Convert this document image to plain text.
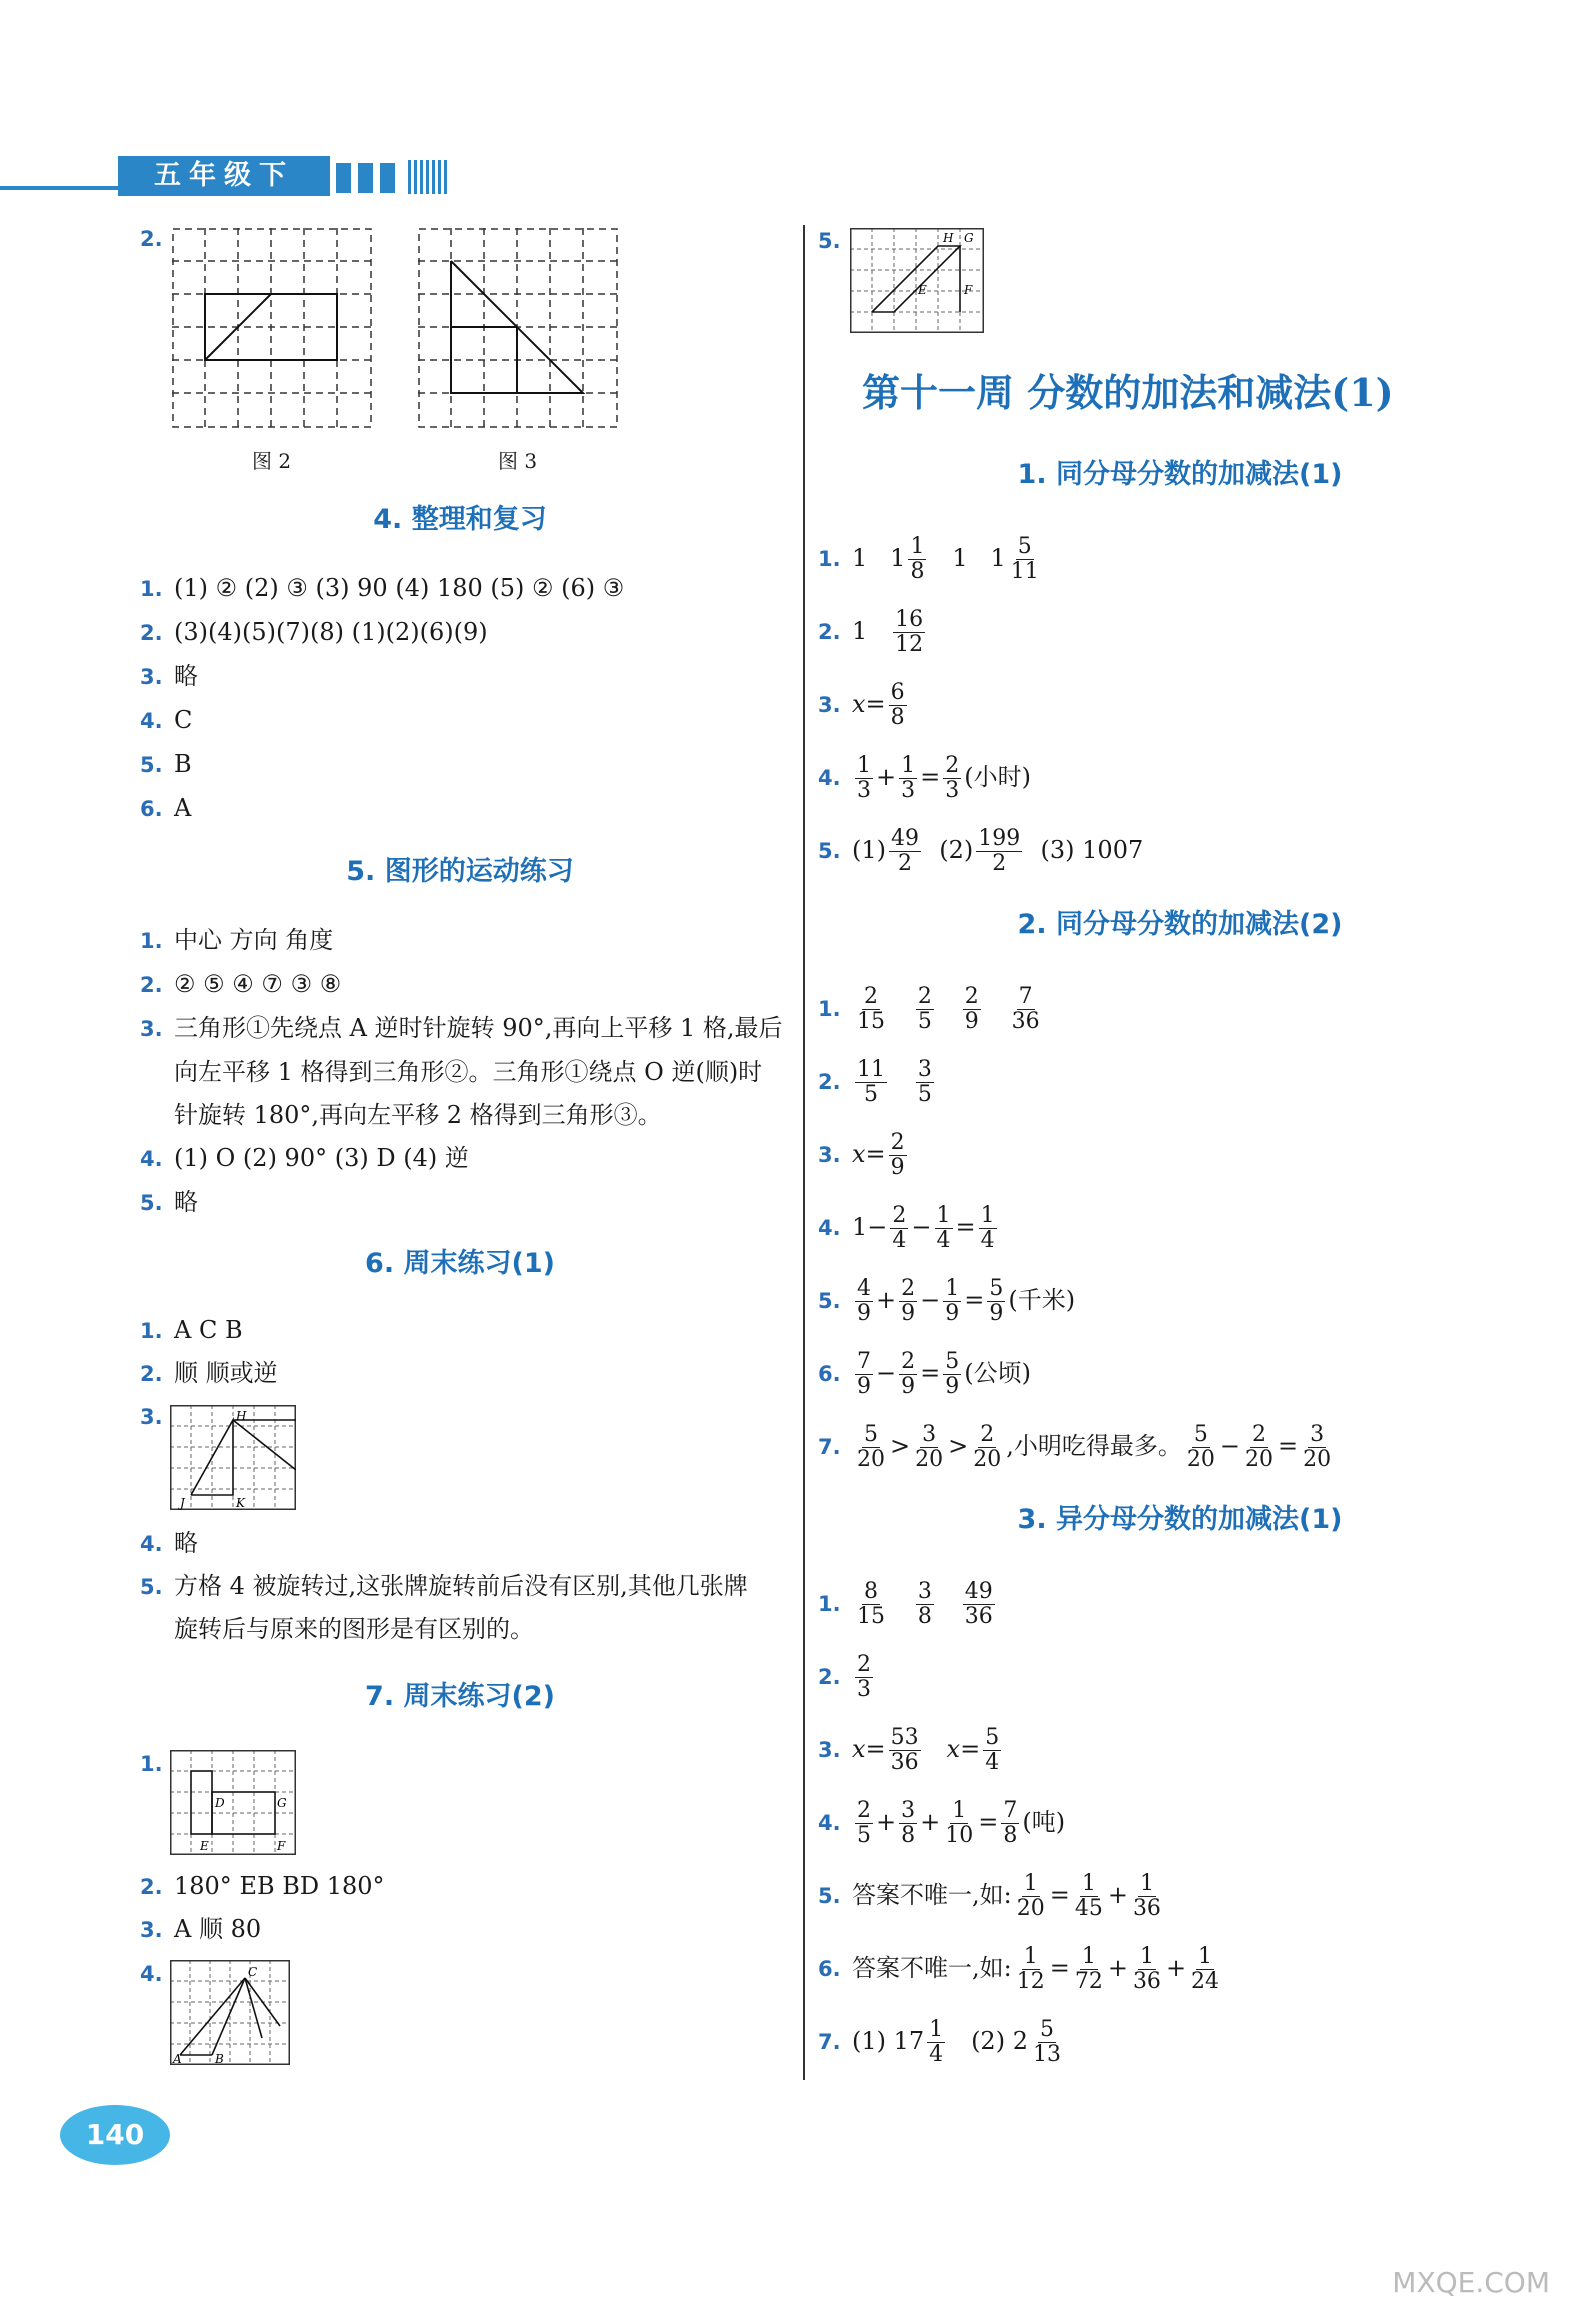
五年级下
2.
图 2	图 3
4. 整理和复习
1. (1) ② (2) ③ (3) 90 (4) 180 (5) ② (6) ③
2. (3)(4)(5)(7)(8) (1)(2)(6)(9)
3. 略
4. C
5. B
6. A
5. 图形的运动练习
1. 中心 方向 角度
2. ② ⑤ ④ ⑦ ③ ⑧
3. 三角形①先绕点 A 逆时针旋转 90°,再向上平移 1 格,最后
向左平移 1 格得到三角形②。三角形①绕点 O 逆(顺)时
针旋转 180°,再向左平移 2 格得到三角形③。
4. (1) O (2) 90° (3) D (4) 逆
5. 略
6. 周末练习(1)
1. A C B
2. 顺 顺或逆
3.	H
J	K
4. 略
5. 方格 4 被旋转过,这张牌旋转前后没有区别,其他几张牌
旋转后与原来的图形是有区别的。
7. 周末练习(2)
1.
D	G
E	F
2. 180° EB BD 180°
3. A 顺 80
4.	C
A	B
140
5.	H G
E	F
第十一周 分数的加法和减法(1)
1. 同分母分数的加减法(1)
1. 1 $1 \frac{1}{8} 1$ $1 \frac{5}{11}$
2. $1 \frac{16}{12}$
3. $x= \frac{6}{8}$
4. $\frac{1}{3} + \frac{1}{3} = \frac{2}{3}$ (小时)
5. $(1) \frac{49}{2} (2) \frac{199}{2} (3)$ 1007
2. 同分母分数的加减法(2)
1. $\frac{2}{15}$
$\frac{2}{5}$
$\frac{2}{9}$
$\frac{7}{36}$
2. $\frac{11}{5}$
$\frac{3}{5}$
3. $x= \frac{2}{9}$
4. $1- \frac{2}{4} - \frac{1}{4} = \frac{1}{4}$
5. $\frac{4}{9} + \frac{2}{9} - \frac{1}{9} = \frac{5}{9}$ (千米)
6. $\frac{7}{9} - \frac{2}{9} = \frac{5}{9}$ (公顷)
7. $\frac{5}{20} > \frac{3}{20} > \frac{2}{20}$ ,小明吃得最多。 $\frac{5}{20} - \frac{2}{20} = \frac{3}{20}$
3. 异分母分数的加减法(1)
1. $\frac{8}{15}$
$\frac{3}{8}$
$\frac{49}{36}$
2. $\frac{2}{3}$
3. $x= \frac{53}{36} x= \frac{5}{4}$
4. $\frac{2}{5} + \frac{3}{8} + \frac{1}{10} = \frac{7}{8}$ (吨)
5. 答案不唯一,如: $\frac{1}{20} = \frac{1}{45} + \frac{1}{36}$
6. 答案不唯一,如: $\frac{1}{12} = \frac{1}{72} + \frac{1}{36} + \frac{1}{24}$
7. (1) $17 \frac{1}{4} (2)$ $2 \frac{5}{13}$
MXQE.COM
